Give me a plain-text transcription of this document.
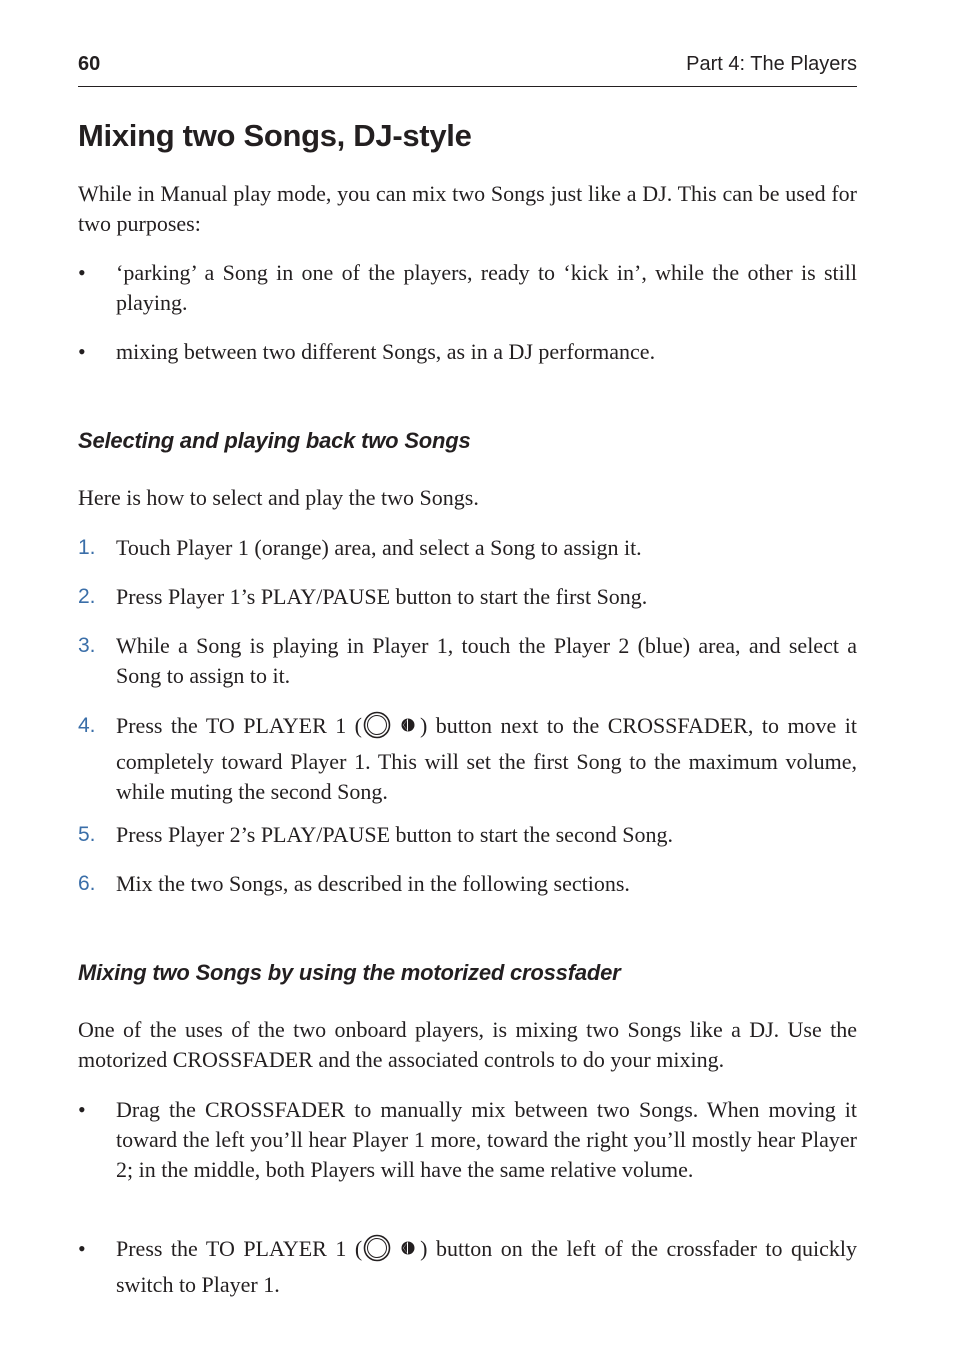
60	Part 4: The Players
Mixing two Songs, DJ-style

While in Manual play mode, you can mix two Songs just like a DJ. This can be used for two purposes:

• ‘parking’ a Song in one of the players, ready to ‘kick in’, while the other is still playing.
• mixing between two different Songs, as in a DJ performance.
Selecting and playing back two Songs

Here is how to select and play the two Songs.

1. Touch Player 1 (orange) area, and select a Song to assign it.
2. Press Player 1’s PLAY/PAUSE button to start the first Song.
3. While a Song is playing in Player 1, touch the Player 2 (blue) area, and select a Song to assign to it.
4. Press the TO PLAYER 1 (	) button next to the CROSSFADER, to move it completely toward Player 1. This will set the first Song to the maximum volume, while muting the second Song.
5. Press Player 2’s PLAY/PAUSE button to start the second Song.
6. Mix the two Songs, as described in the following sections.
Mixing two Songs by using the motorized crossfader

One of the uses of the two onboard players, is mixing two Songs like a DJ. Use the motorized CROSSFADER and the associated controls to do your mixing.

• Drag the CROSSFADER to manually mix between two Songs. When moving it toward the left you’ll hear Player 1 more, toward the right you’ll mostly hear Player 2; in the middle, both Players will have the same relative volume.
• Press the TO PLAYER 1 (	) button on the left of the crossfader to quickly switch to Player 1.
